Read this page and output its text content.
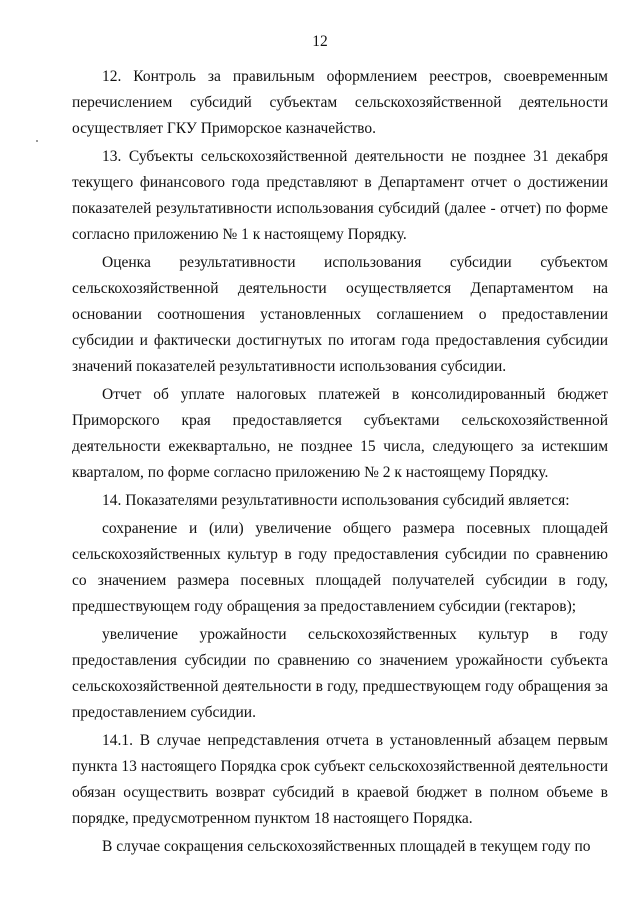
12

12. Контроль за правильным оформлением реестров, своевременным перечислением субсидий субъектам сельскохозяйственной деятельности осуществляет ГКУ Приморское казначейство.

13. Субъекты сельскохозяйственной деятельности не позднее 31 декабря текущего финансового года представляют в Департамент отчет о достижении показателей результативности использования субсидий (далее - отчет) по форме согласно приложению № 1 к настоящему Порядку.

Оценка результативности использования субсидии субъектом сельскохозяйственной деятельности осуществляется Департаментом на основании соотношения установленных соглашением о предоставлении субсидии и фактически достигнутых по итогам года предоставления субсидии значений показателей результативности использования субсидии.

Отчет об уплате налоговых платежей в консолидированный бюджет Приморского края предоставляется субъектами сельскохозяйственной деятельности ежеквартально, не позднее 15 числа, следующего за истекшим кварталом, по форме согласно приложению № 2 к настоящему Порядку.

14. Показателями результативности использования субсидий является:

сохранение и (или) увеличение общего размера посевных площадей сельскохозяйственных культур в году предоставления субсидии по сравнению со значением размера посевных площадей получателей субсидии в году, предшествующем году обращения за предоставлением субсидии (гектаров);

увеличение урожайности сельскохозяйственных культур в году предоставления субсидии по сравнению со значением урожайности субъекта сельскохозяйственной деятельности в году, предшествующем году обращения за предоставлением субсидии.

14.1. В случае непредставления отчета в установленный абзацем первым пункта 13 настоящего Порядка срок субъект сельскохозяйственной деятельности обязан осуществить возврат субсидий в краевой бюджет в полном объеме в порядке, предусмотренном пунктом 18 настоящего Порядка.

В случае сокращения сельскохозяйственных площадей в текущем году по
